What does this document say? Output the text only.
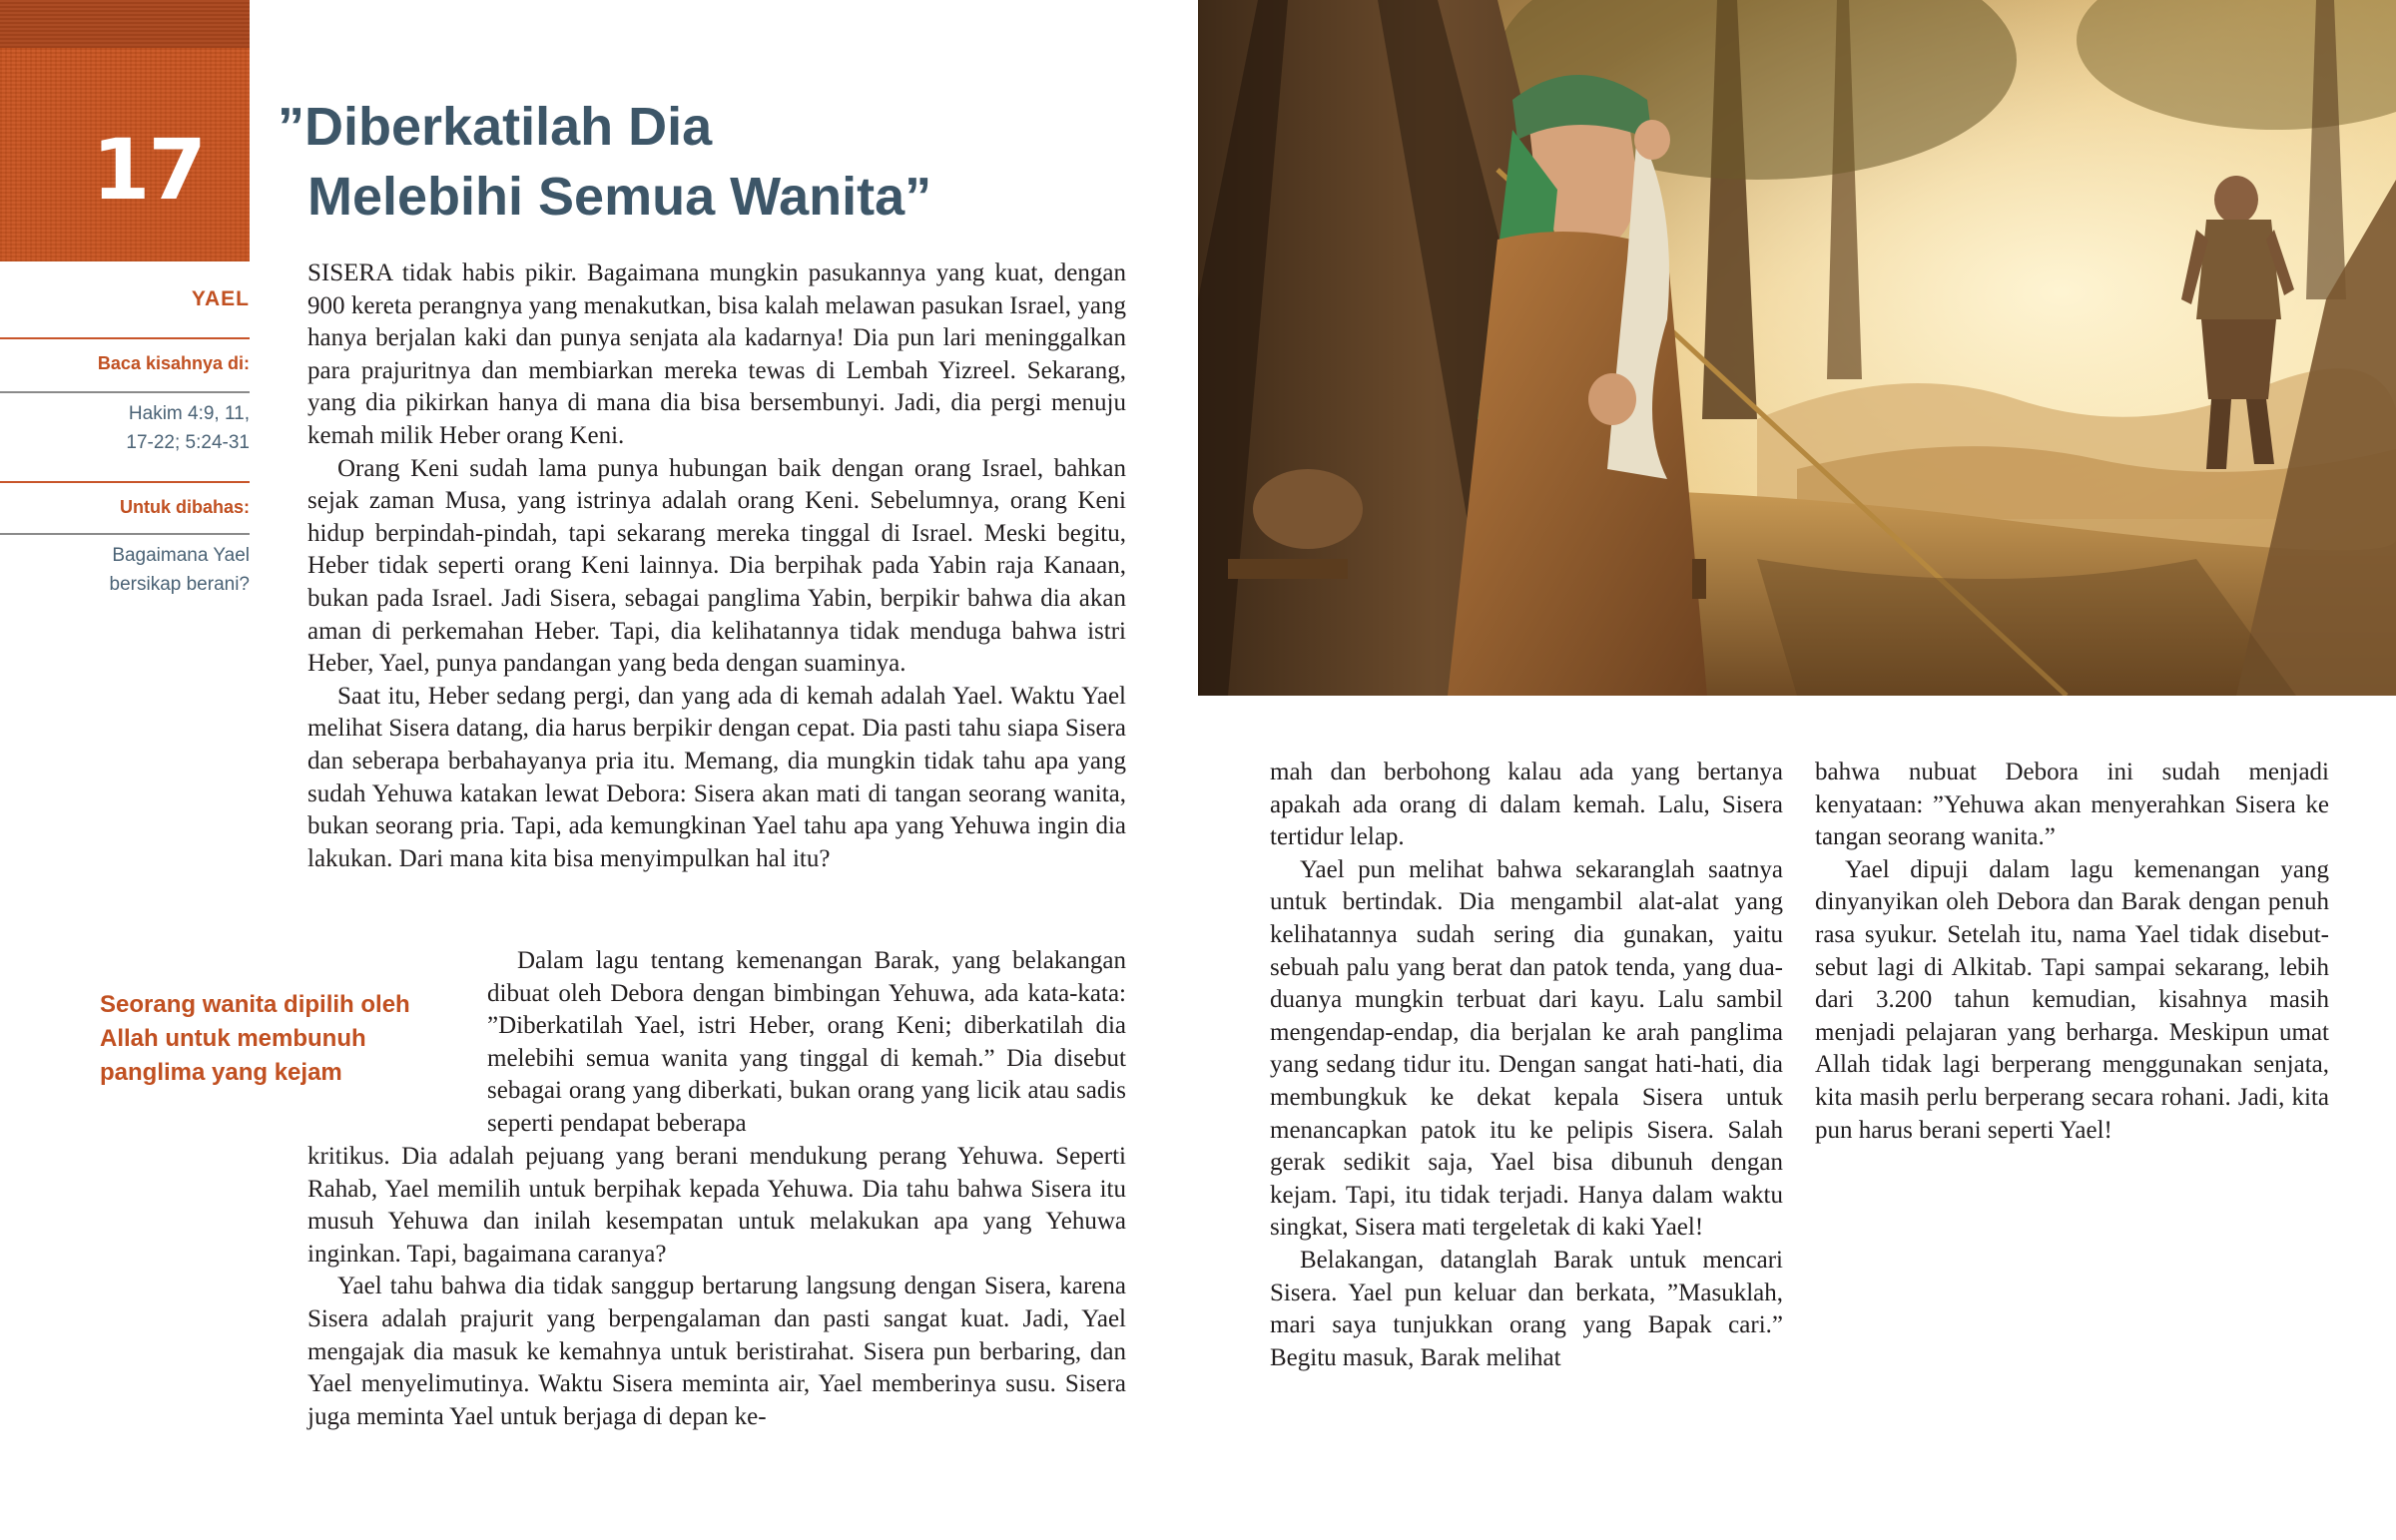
17 ”Diberkatilah Dia
Melebihi Semua Wanita”
YAEL
Baca kisahnya di:
Hakim 4:9, 11,
17-22; 5:24-31
Untuk dibahas:
Bagaimana Yael
bersikap berani?

SISERA tidak habis pikir. Bagaimana mungkin pasukannya yang kuat, dengan 900 kereta perangnya yang menakutkan, bisa kalah melawan pasukan Israel, yang hanya berjalan kaki dan punya senjata ala kadarnya! Dia pun lari meninggalkan para prajuritnya dan membiarkan mereka tewas di Lembah Yizreel. Sekarang, yang dia pikirkan hanya di mana dia bisa bersembunyi. Jadi, dia pergi menuju kemah milik Heber orang Keni.

Orang Keni sudah lama punya hubungan baik dengan orang Israel, bahkan sejak zaman Musa, yang istrinya adalah orang Keni. Sebelumnya, orang Keni hidup berpindah-pindah, tapi sekarang mereka tinggal di Israel. Meski begitu, Heber tidak seperti orang Keni lainnya. Dia berpihak pada Yabin raja Kanaan, bukan pada Israel. Jadi Sisera, sebagai panglima Yabin, berpikir bahwa dia akan aman di perkemahan Heber. Tapi, dia kelihatannya tidak menduga bahwa istri Heber, Yael, punya pandangan yang beda dengan suaminya.

Saat itu, Heber sedang pergi, dan yang ada di kemah adalah Yael. Waktu Yael melihat Sisera datang, dia harus berpikir dengan cepat. Dia pasti tahu siapa Sisera dan seberapa berbahayanya pria itu. Memang, dia mungkin tidak tahu apa yang sudah Yehuwa katakan lewat Debora: Sisera akan mati di tangan seorang wanita, bukan seorang pria. Tapi, ada kemungkinan Yael tahu apa yang Yehuwa ingin dia lakukan. Dari mana kita bisa menyimpulkan hal itu?

Seorang wanita dipilih oleh Allah untuk membunuh panglima yang kejam

Dalam lagu tentang kemenangan Barak, yang belakangan dibuat oleh Debora dengan bimbingan Yehuwa, ada kata-kata: ”Diberkatilah Yael, istri Heber, orang Keni; diberkatilah dia melebihi semua wanita yang tinggal di kemah.” Dia disebut sebagai orang yang diberkati, bukan orang yang licik atau sadis seperti pendapat beberapa

kritikus. Dia adalah pejuang yang berani mendukung perang Yehuwa. Seperti Rahab, Yael memilih untuk berpihak kepada Yehuwa. Dia tahu bahwa Sisera itu musuh Yehuwa dan inilah kesempatan untuk melakukan apa yang Yehuwa inginkan. Tapi, bagaimana caranya?

Yael tahu bahwa dia tidak sanggup bertarung langsung dengan Sisera, karena Sisera adalah prajurit yang berpengalaman dan pasti sangat kuat. Jadi, Yael mengajak dia masuk ke kemahnya untuk beristirahat. Sisera pun berbaring, dan Yael menyelimutinya. Waktu Sisera meminta air, Yael memberinya susu. Sisera juga meminta Yael untuk berjaga di depan ke-

mah dan berbohong kalau ada yang bertanya apakah ada orang di dalam kemah. Lalu, Sisera tertidur lelap.

Yael pun melihat bahwa sekaranglah saatnya untuk bertindak. Dia mengambil alat-alat yang kelihatannya sudah sering dia gunakan, yaitu sebuah palu yang berat dan patok tenda, yang dua-duanya mungkin terbuat dari kayu. Lalu sambil mengendap-endap, dia berjalan ke arah panglima yang sedang tidur itu. Dengan sangat hati-hati, dia membungkuk ke dekat kepala Sisera untuk menancapkan patok itu ke pelipis Sisera. Salah gerak sedikit saja, Yael bisa dibunuh dengan kejam. Tapi, itu tidak terjadi. Hanya dalam waktu singkat, Sisera mati tergeletak di kaki Yael!

Belakangan, datanglah Barak untuk mencari Sisera. Yael pun keluar dan berkata, ”Masuklah, mari saya tunjukkan orang yang Bapak cari.” Begitu masuk, Barak melihat

bahwa nubuat Debora ini sudah menjadi kenyataan: ”Yehuwa akan menyerahkan Sisera ke tangan seorang wanita.”

Yael dipuji dalam lagu kemenangan yang dinyanyikan oleh Debora dan Barak dengan penuh rasa syukur. Setelah itu, nama Yael tidak disebut-sebut lagi di Alkitab. Tapi sampai sekarang, lebih dari 3.200 tahun kemudian, kisahnya masih menjadi pelajaran yang berharga. Meskipun umat Allah tidak lagi berperang menggunakan senjata, kita masih perlu berperang secara rohani. Jadi, kita pun harus berani seperti Yael!
